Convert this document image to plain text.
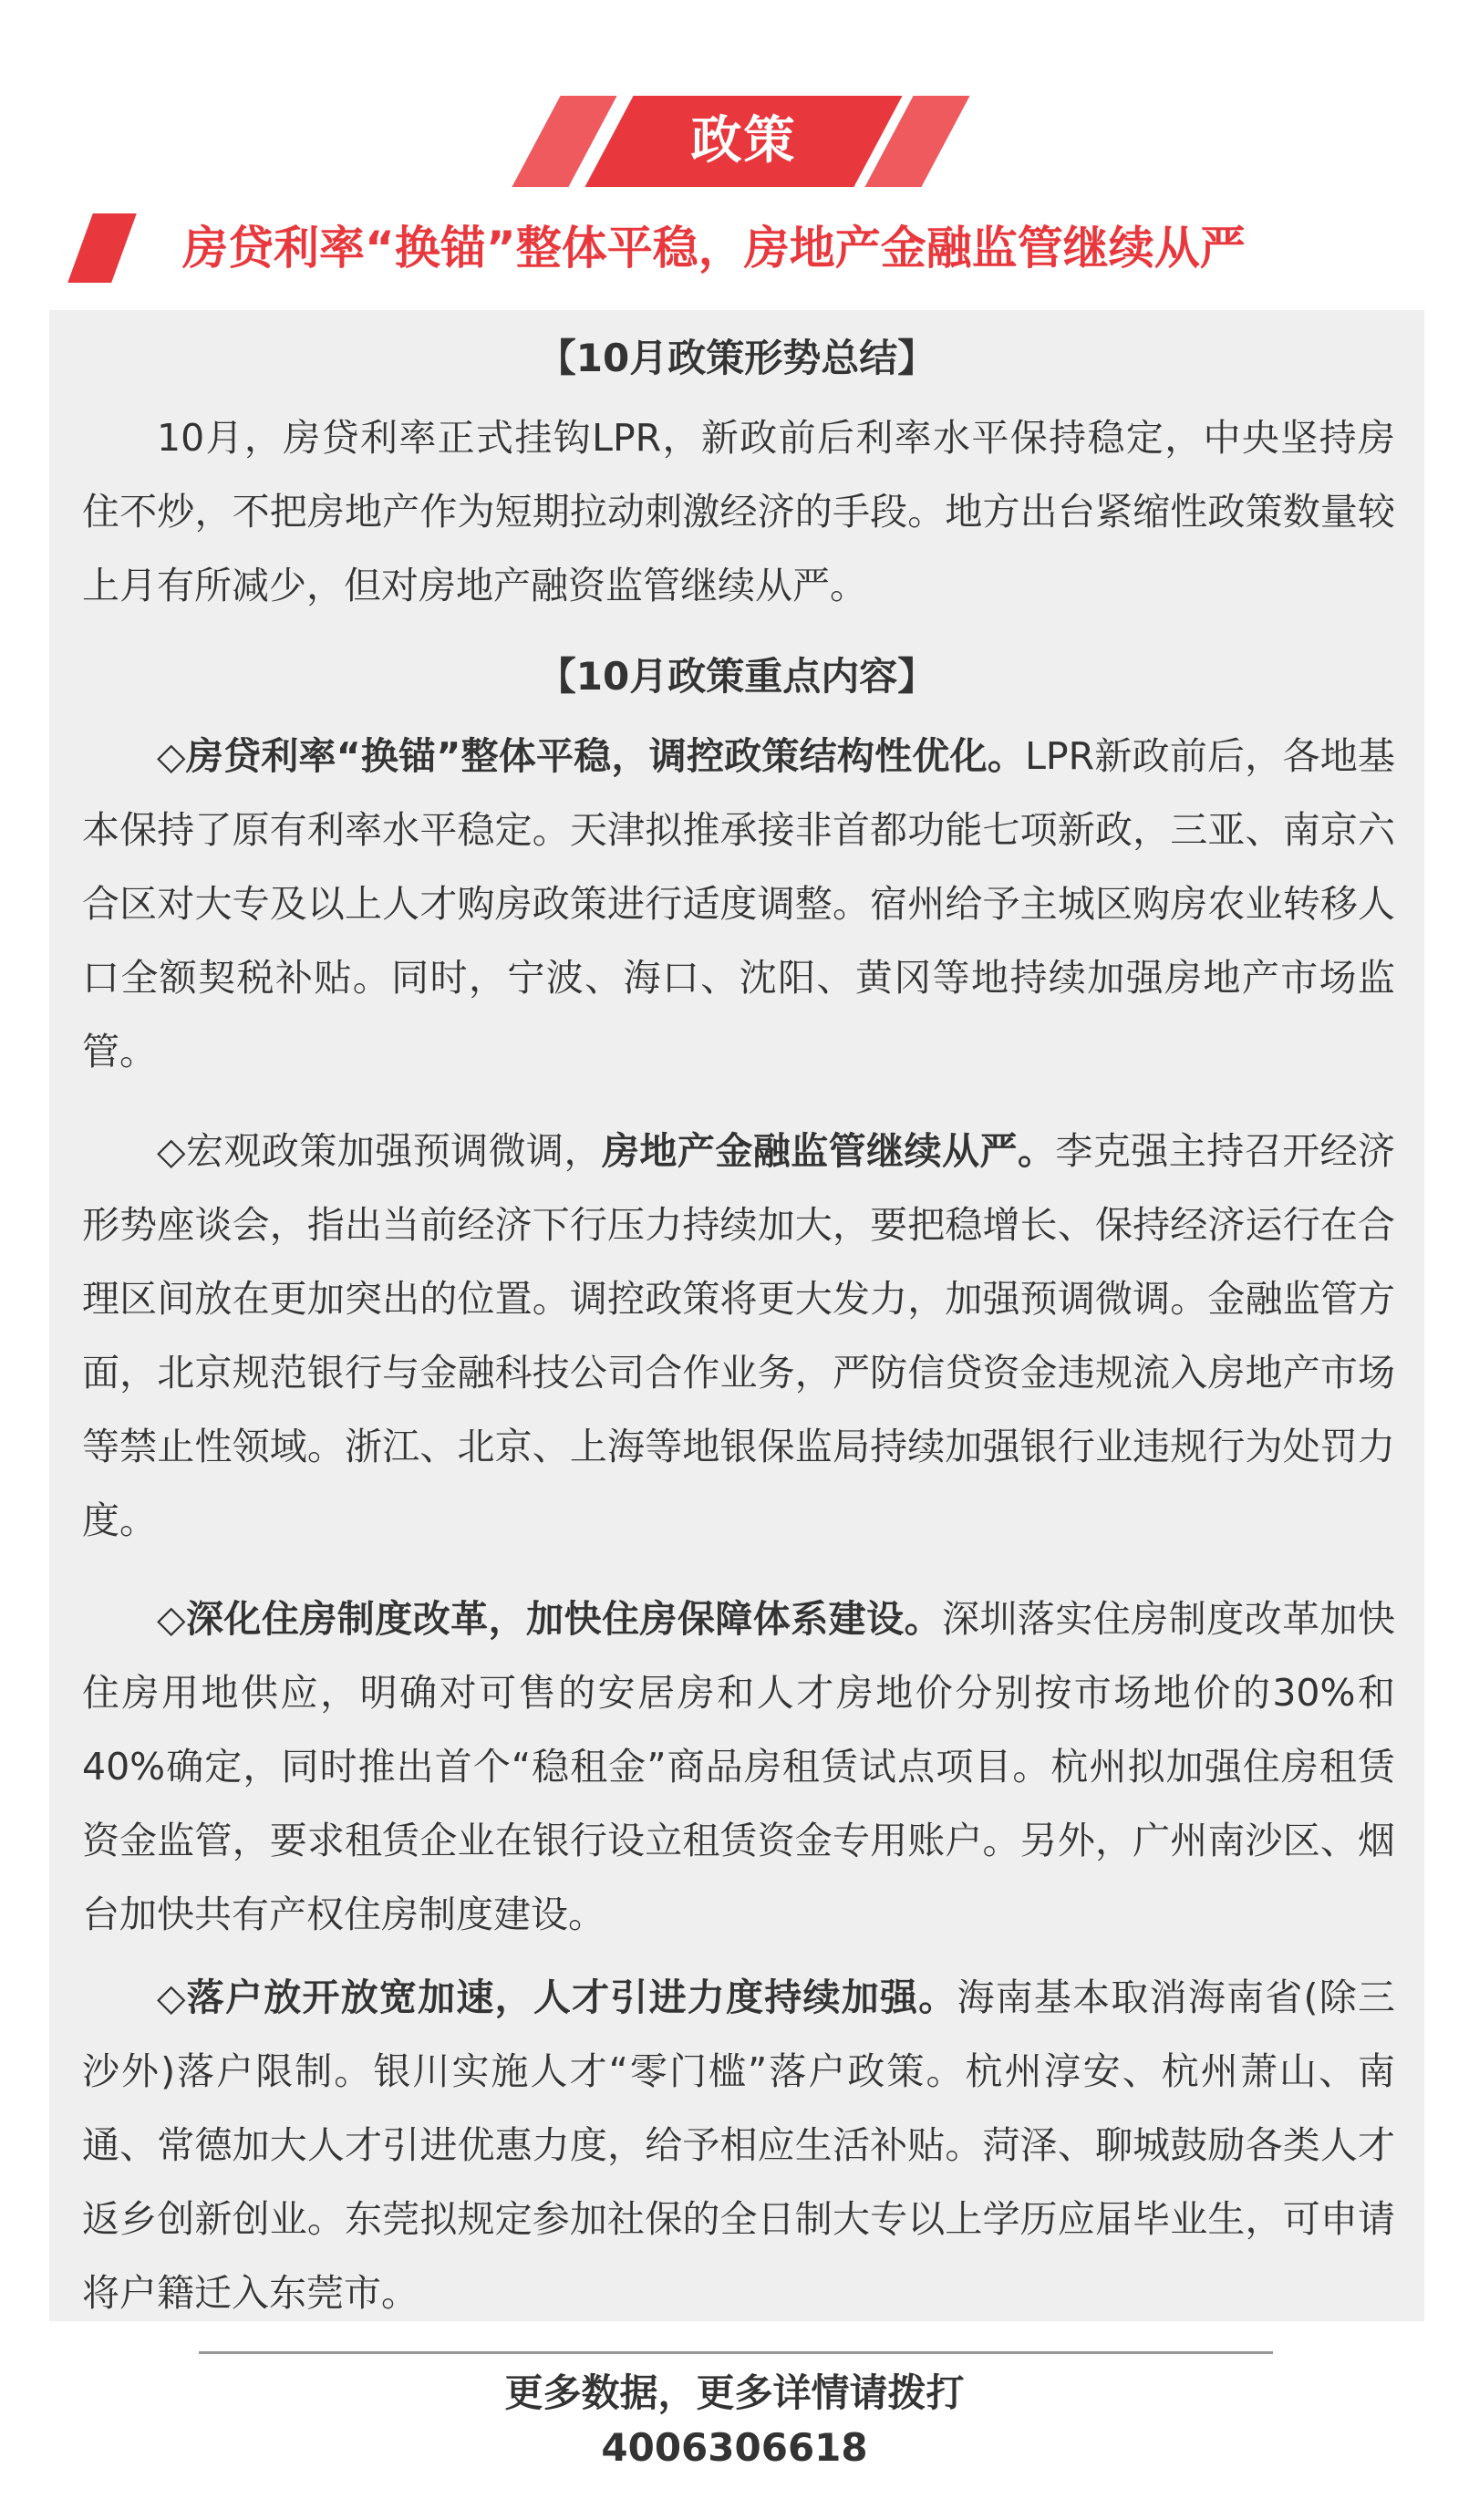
政策
房贷利率“换锚”整体平稳，房地产金融监管继续从严
【10月政策形势总结】

10月，房贷利率正式挂钩LPR，新政前后利率水平保持稳定，中央坚持房住不炒，不把房地产作为短期拉动刺激经济的手段。地方出台紧缩性政策数量较上月有所减少，但对房地产融资监管继续从严。

【10月政策重点内容】

◇房贷利率“换锚”整体平稳，调控政策结构性优化。LPR新政前后，各地基本保持了原有利率水平稳定。天津拟推承接非首都功能七项新政，三亚、南京六合区对大专及以上人才购房政策进行适度调整。宿州给予主城区购房农业转移人口全额契税补贴。同时，宁波、海口、沈阳、黄冈等地持续加强房地产市场监管。

◇宏观政策加强预调微调，房地产金融监管继续从严。李克强主持召开经济形势座谈会，指出当前经济下行压力持续加大，要把稳增长、保持经济运行在合理区间放在更加突出的位置。调控政策将更大发力，加强预调微调。金融监管方面，北京规范银行与金融科技公司合作业务，严防信贷资金违规流入房地产市场等禁止性领域。浙江、北京、上海等地银保监局持续加强银行业违规行为处罚力度。

◇深化住房制度改革，加快住房保障体系建设。深圳落实住房制度改革加快住房用地供应，明确对可售的安居房和人才房地价分别按市场地价的30%和40%确定，同时推出首个“稳租金”商品房租赁试点项目。杭州拟加强住房租赁资金监管，要求租赁企业在银行设立租赁资金专用账户。另外，广州南沙区、烟台加快共有产权住房制度建设。

◇落户放开放宽加速，人才引进力度持续加强。海南基本取消海南省(除三沙外)落户限制。银川实施人才“零门槛”落户政策。杭州淳安、杭州萧山、南通、常德加大人才引进优惠力度，给予相应生活补贴。菏泽、聊城鼓励各类人才返乡创新创业。东莞拟规定参加社保的全日制大专以上学历应届毕业生，可申请将户籍迁入东莞市。

更多数据，更多详情请拨打
4006306618
